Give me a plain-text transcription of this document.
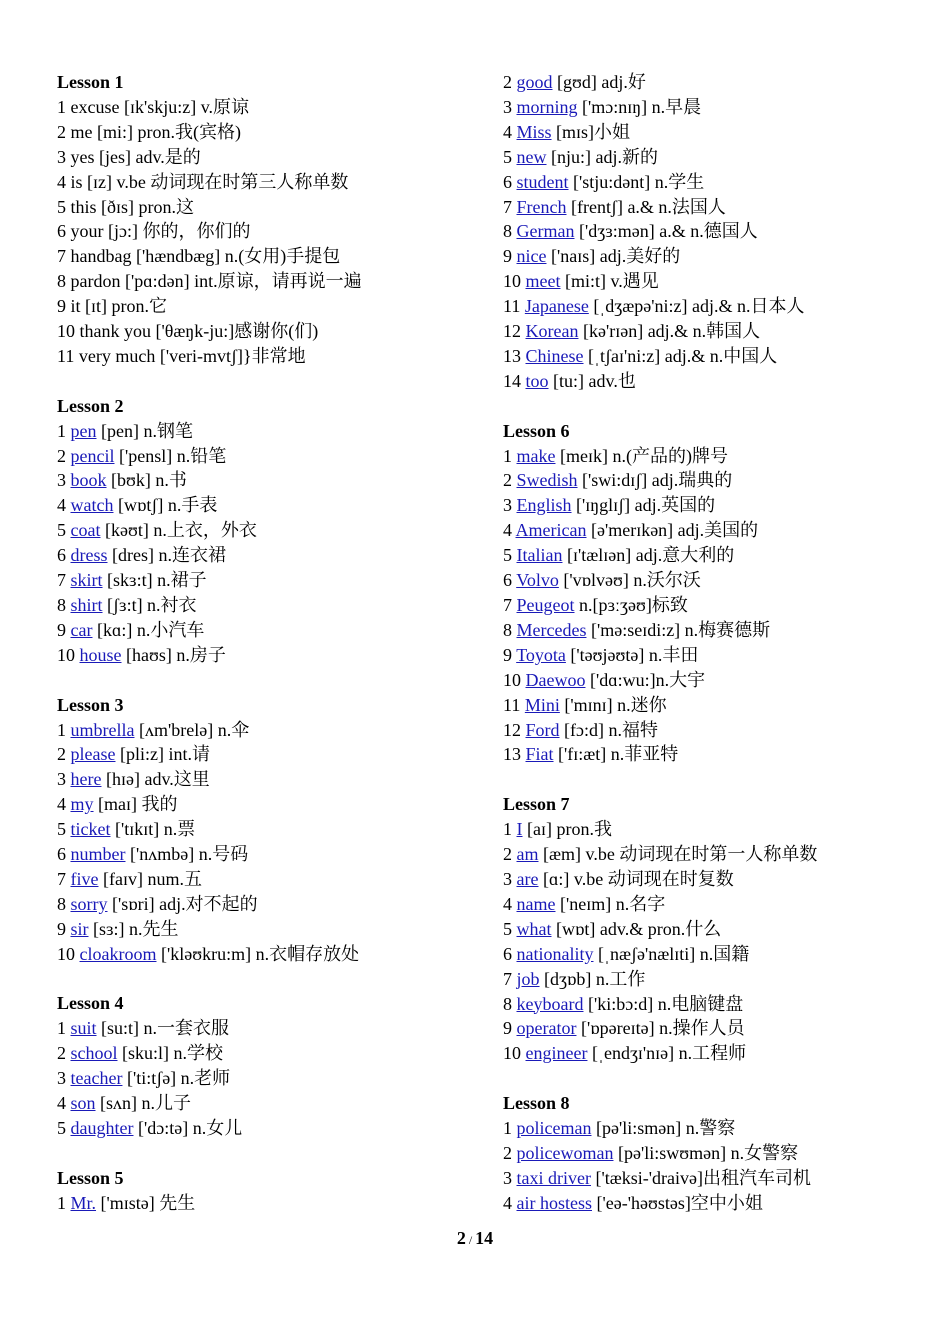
Lesson 1
1 excuse [ɪk'skju:z] v.原谅
2 me [mi:] pron.我(宾格)
3 yes [jes] adv.是的
4 is [ɪz] v.be 动词现在时第三人称单数
5 this [ðɪs] pron.这
6 your [jɔ:] 你的，你们的
7 handbag ['hændbæg] n.(女用)手提包
8 pardon ['pɑ:dən] int.原谅，请再说一遍
9 it [ɪt] pron.它
10 thank you ['θæŋk-ju:]感谢你(们)
11 very much ['veri-mvtʃ]}非常地
Lesson 2
1 pen [pen] n.钢笔
2 pencil ['pensl] n.铅笔
3 book [bʊk] n.书
4 watch [wɒtʃ] n.手表
5 coat [kəʊt] n.上衣，外衣
6 dress [dres] n.连衣裙
7 skirt [skɜ:t] n.裙子
8 shirt [ʃɜ:t] n.衬衣
9 car [kɑ:] n.小汽车
10 house [haʊs] n.房子
Lesson 3
1 umbrella [ʌm'brelə] n.伞
2 please [pli:z] int.请
3 here [hɪə] adv.这里
4 my [maɪ] 我的
5 ticket ['tɪkɪt] n.票
6 number ['nʌmbə] n.号码
7 five [faɪv] num.五
8 sorry ['sɒri] adj.对不起的
9 sir [sɜ:] n.先生
10 cloakroom ['kləʊkru:m] n.衣帽存放处
Lesson 4
1 suit [su:t] n.一套衣服
2 school [sku:l] n.学校
3 teacher ['ti:tʃə] n.老师
4 son [sʌn] n.儿子
5 daughter ['dɔ:tə] n.女儿
Lesson 5
1 Mr. ['mɪstə] 先生
2 good [gʊd] adj.好
3 morning ['mɔ:nɪŋ] n.早晨
4 Miss [mɪs]小姐
5 new [nju:] adj.新的
6 student ['stju:dənt] n.学生
7 French [frentʃ] a.& n.法国人
8 German ['dʒɜ:mən] a.& n.德国人
9 nice ['naɪs] adj.美好的
10 meet [mi:t] v.遇见
11 Japanese [ˌdʒæpə'ni:z] adj.& n.日本人
12 Korean [kə'rɪən] adj.& n.韩国人
13 Chinese [ˌtʃaɪ'ni:z] adj.& n.中国人
14 too [tu:] adv.也
Lesson 6
1 make [meɪk] n.(产品的)牌号
2 Swedish ['swi:dɪʃ] adj.瑞典的
3 English ['ɪŋglɪʃ] adj.英国的
4 American [ə'merɪkən] adj.美国的
5 Italian [ɪ'tælɪən] adj.意大利的
6 Volvo ['vɒlvəʊ] n.沃尔沃
7 Peugeot n.[pɜːʒəʊ]标致
8 Mercedes ['mə:seɪdi:z] n.梅赛德斯
9 Toyota ['təʊjəʊtə] n.丰田
10 Daewoo ['dɑ:wu:]n.大宇
11 Mini ['mɪnɪ] n.迷你
12 Ford [fɔ:d] n.福特
13 Fiat ['fɪ:æt] n.菲亚特
Lesson 7
1 I [aɪ] pron.我
2 am [æm] v.be 动词现在时第一人称单数
3 are [ɑ:] v.be 动词现在时复数
4 name ['neɪm] n.名字
5 what [wɒt] adv.& pron.什么
6 nationality [ˌnæʃə'nælɪti] n.国籍
7 job [dʒɒb] n.工作
8 keyboard ['ki:bɔ:d] n.电脑键盘
9 operator ['ɒpəreɪtə] n.操作人员
10 engineer [ˌendʒɪ'nɪə] n.工程师
Lesson 8
1 policeman [pə'li:smən] n.警察
2 policewoman [pə'li:swʊmən] n.女警察
3 taxi driver ['tæksi-'draivə]出租汽车司机
4 air hostess ['eə-'həʊstəs]空中小姐
2 / 14
